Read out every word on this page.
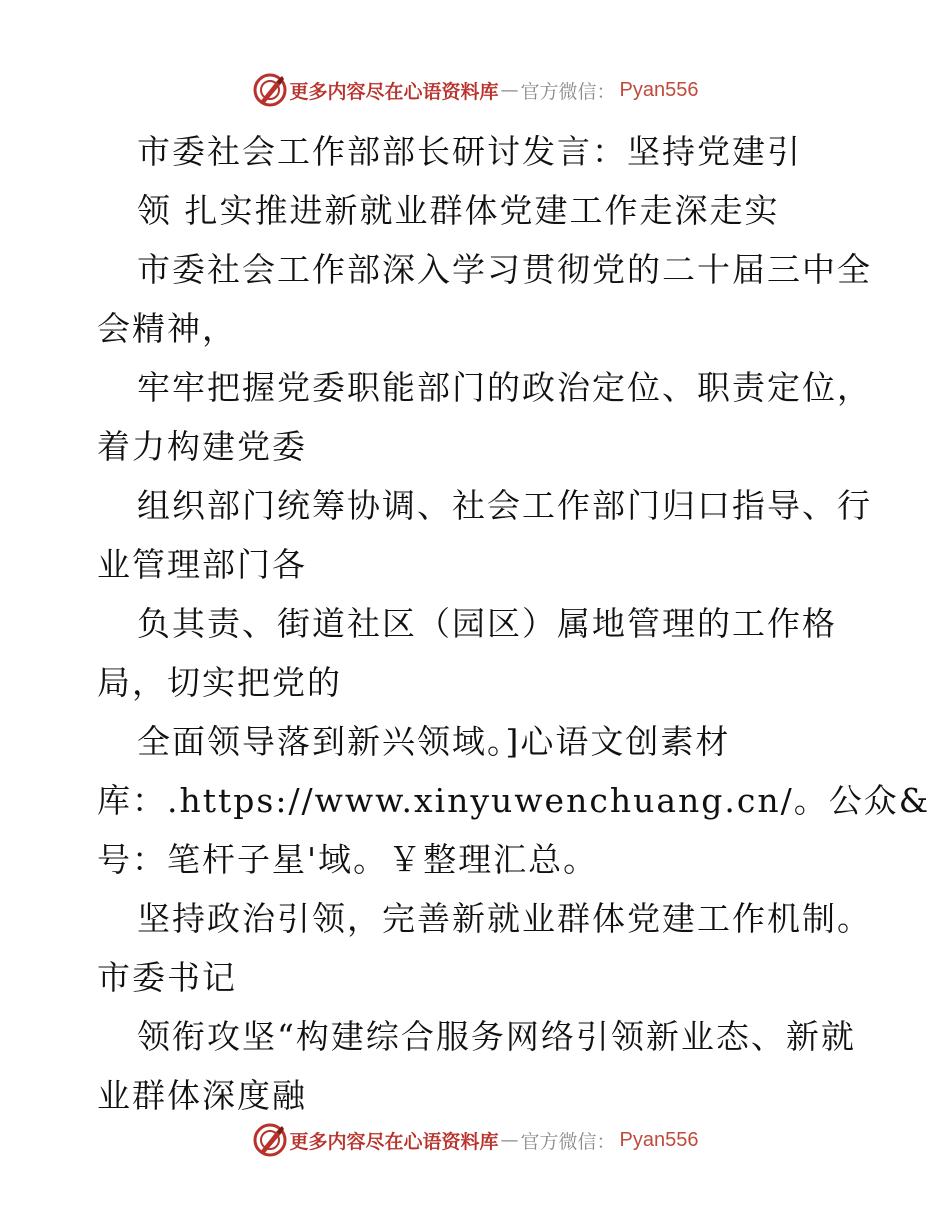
更多内容尽在心语资料库 — 官方微信： Pyan556
市委社会工作部部长研讨发言：坚持党建引
领 扎实推进新就业群体党建工作走深走实
市委社会工作部深入学习贯彻党的二十届三中全
会精神，
牢牢把握党委职能部门的政治定位、职责定位，
着力构建党委
组织部门统筹协调、社会工作部门归口指导、行
业管理部门各
负其责、街道社区（园区）属地管理的工作格
局，切实把党的
全面领导落到新兴领域。]心语文创素材
库：.https://www.xinyuwenchuang.cn/。公众&
号：笔杆子星'域。￥整理汇总。
坚持政治引领，完善新就业群体党建工作机制。
市委书记
领衔攻坚“构建综合服务网络引领新业态、新就
业群体深度融
更多内容尽在心语资料库 — 官方微信： Pyan556
